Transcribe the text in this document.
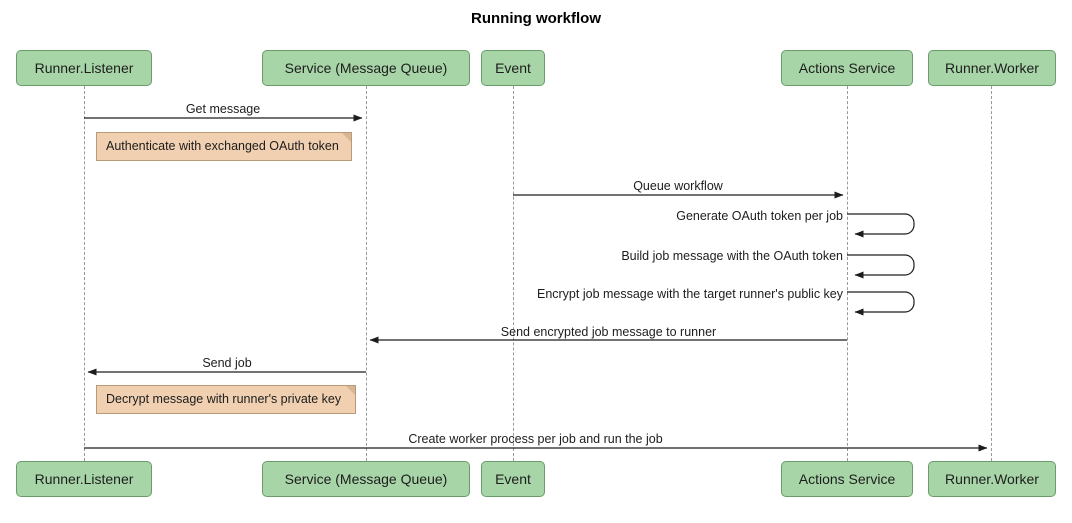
Running workflow
Get message
Queue workflow
Generate OAuth token per job
Build job message with the OAuth token
Encrypt job message with the target runner's public key
Send encrypted job message to runner
Send job
Create worker process per job and run the job
Authenticate with exchanged OAuth token
Decrypt message with runner's private key
Runner.Listener	Service (Message Queue)	Event	Actions Service	Runner.Worker
Runner.Listener	Service (Message Queue)	Event	Actions Service	Runner.Worker
